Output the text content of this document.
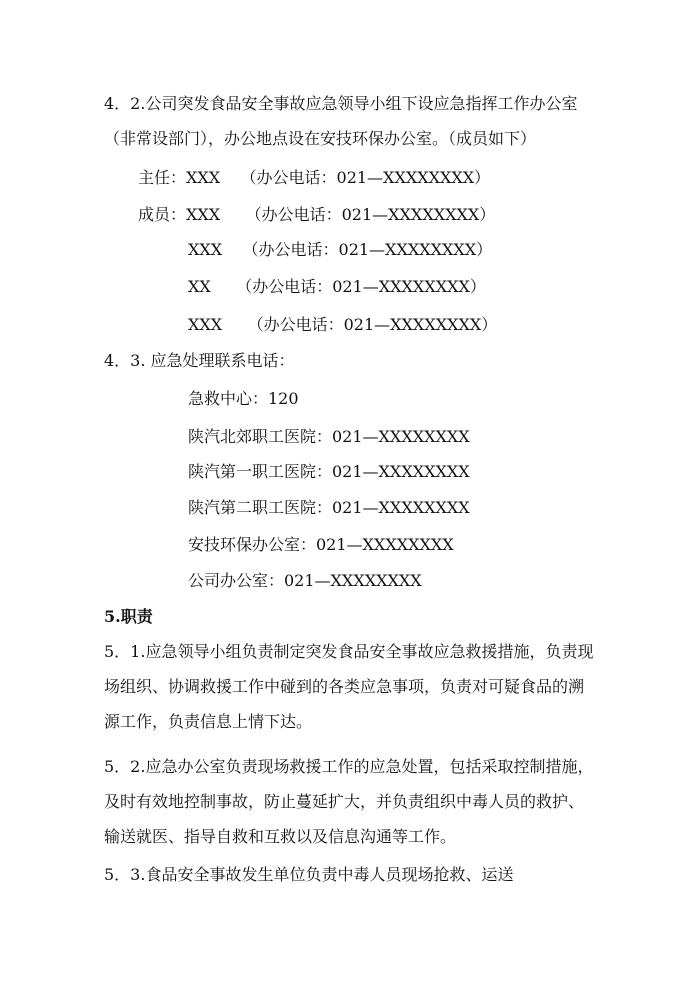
4．2.公司突发食品安全事故应急领导小组下设应急指挥工作办公室
（非常设部门），办公地点设在安技环保办公室。（成员如下）
主任：XXX    （办公电话：021—XXXXXXXX）
成员：XXX     （办公电话：021—XXXXXXXX）
XXX    （办公电话：021—XXXXXXXX）
XX     （办公电话：021—XXXXXXXX）
XXX     （办公电话：021—XXXXXXXX）
4．3. 应急处理联系电话：
急救中心：120
陕汽北郊职工医院：021—XXXXXXXX
陕汽第一职工医院：021—XXXXXXXX
陕汽第二职工医院：021—XXXXXXXX
安技环保办公室：021—XXXXXXXX
公司办公室：021—XXXXXXXX
5.职责
5．1.应急领导小组负责制定突发食品安全事故应急救援措施，负责现
场组织、协调救援工作中碰到的各类应急事项，负责对可疑食品的溯
源工作，负责信息上情下达。
5．2.应急办公室负责现场救援工作的应急处置，包括采取控制措施，
及时有效地控制事故，防止蔓延扩大，并负责组织中毒人员的救护、
输送就医、指导自救和互救以及信息沟通等工作。
5．3.食品安全事故发生单位负责中毒人员现场抢救、运送
